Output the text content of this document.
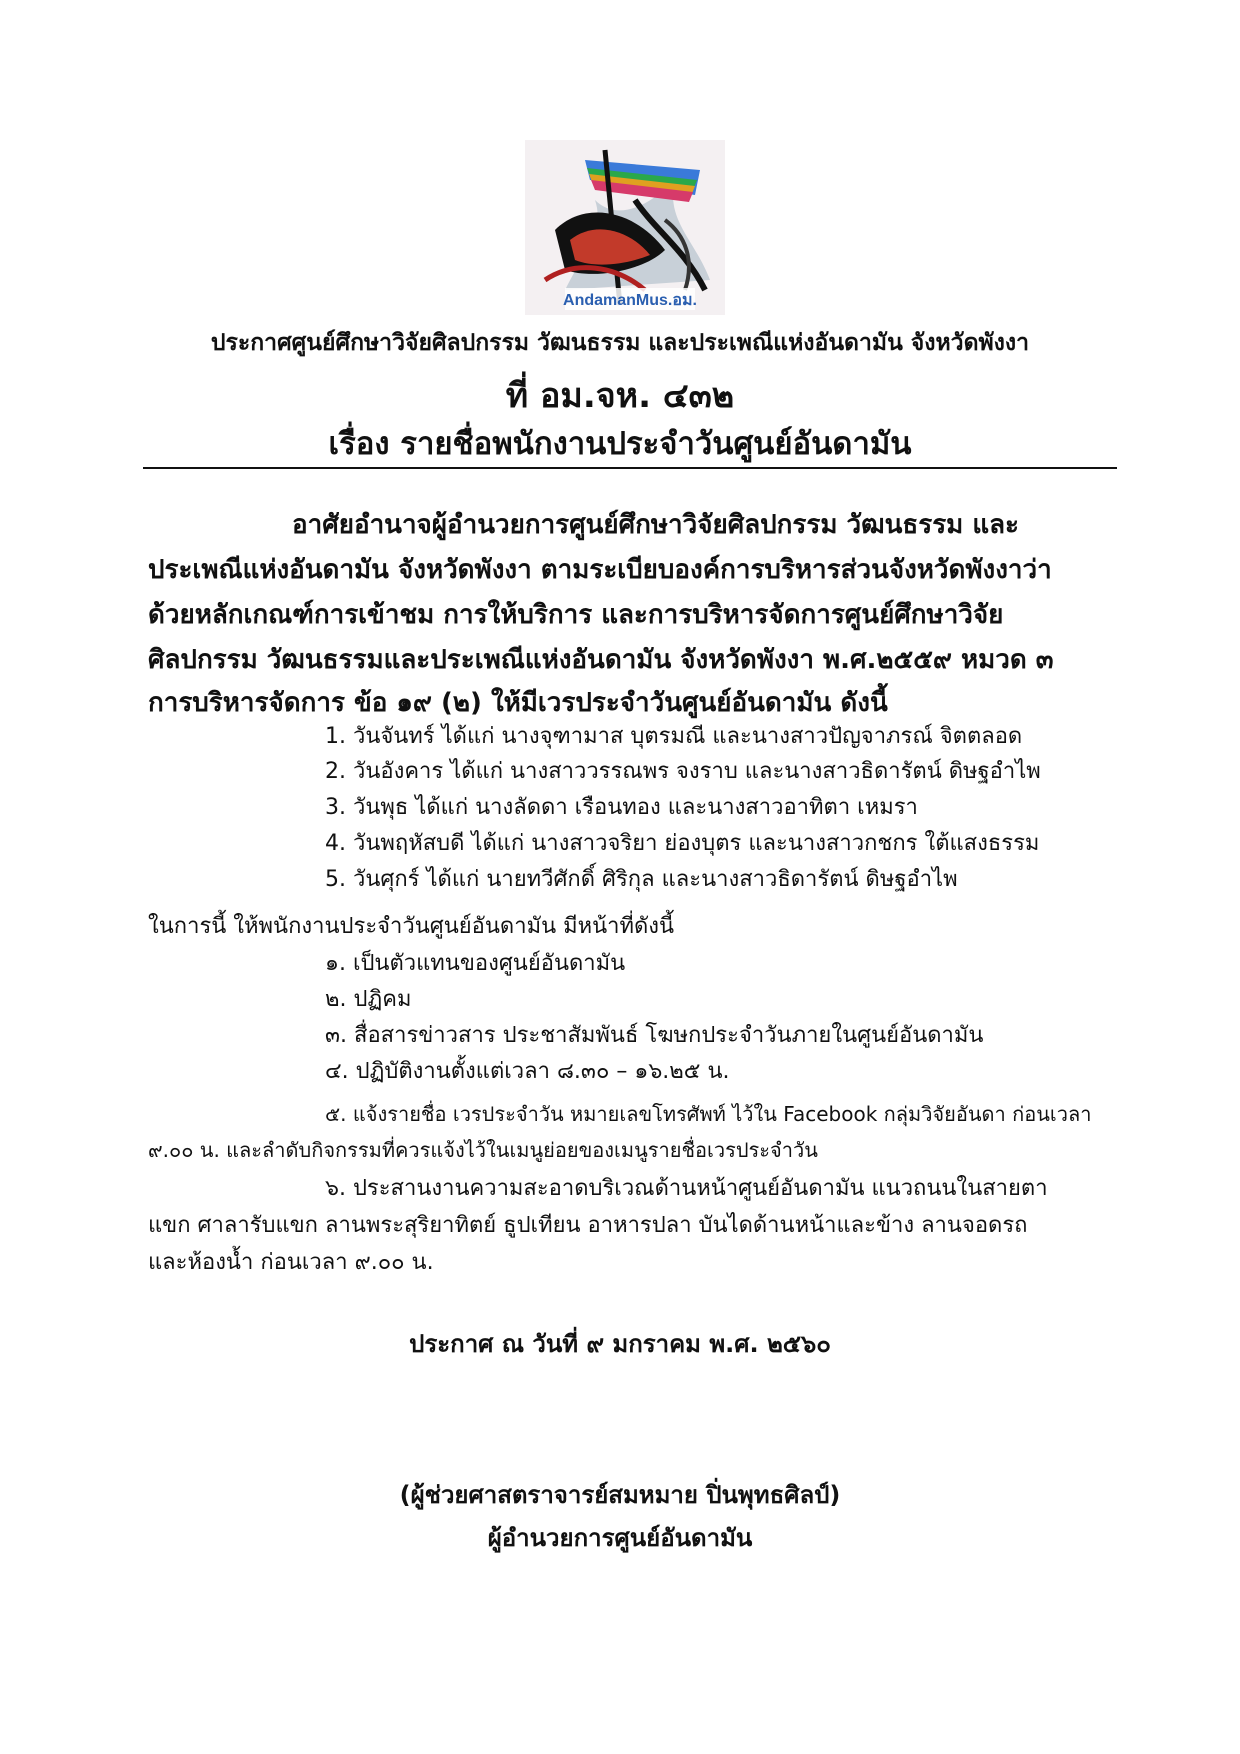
AndamanMus.อม.
ประกาศศูนย์ศึกษาวิจัยศิลปกรรม วัฒนธรรม และประเพณีแห่งอันดามัน จังหวัดพังงา
ที่ อม.จห. ๔๓๒
เรื่อง รายชื่อพนักงานประจำวันศูนย์อันดามัน
อาศัยอำนาจผู้อำนวยการศูนย์ศึกษาวิจัยศิลปกรรม วัฒนธรรม และ
ประเพณีแห่งอันดามัน จังหวัดพังงา ตามระเบียบองค์การบริหารส่วนจังหวัดพังงาว่า
ด้วยหลักเกณฑ์การเข้าชม การให้บริการ และการบริหารจัดการศูนย์ศึกษาวิจัย
ศิลปกรรม วัฒนธรรมและประเพณีแห่งอันดามัน จังหวัดพังงา พ.ศ.๒๕๕๙ หมวด ๓
การบริหารจัดการ ข้อ ๑๙ (๒) ให้มีเวรประจำวันศูนย์อันดามัน ดังนี้
1. วันจันทร์ ได้แก่ นางจุฑามาส บุตรมณี และนางสาวปัญจาภรณ์ จิตตลอด
2. วันอังคาร ได้แก่ นางสาววรรณพร จงราบ และนางสาวธิดารัตน์ ดิษฐอำไพ
3. วันพุธ ได้แก่ นางลัดดา เรือนทอง และนางสาวอาทิตา เหมรา
4. วันพฤหัสบดี ได้แก่ นางสาวจริยา ย่องบุตร และนางสาวกชกร ใต้แสงธรรม
5. วันศุกร์ ได้แก่ นายทวีศักดิ์ ศิริกุล และนางสาวธิดารัตน์ ดิษฐอำไพ
ในการนี้ ให้พนักงานประจำวันศูนย์อันดามัน มีหน้าที่ดังนี้
๑. เป็นตัวแทนของศูนย์อันดามัน
๒. ปฏิคม
๓. สื่อสารข่าวสาร ประชาสัมพันธ์ โฆษกประจำวันภายในศูนย์อันดามัน
๔. ปฏิบัติงานตั้งแต่เวลา ๘.๓๐ – ๑๖.๒๕ น.
๕. แจ้งรายชื่อ เวรประจำวัน หมายเลขโทรศัพท์ ไว้ใน Facebook กลุ่มวิจัยอันดา ก่อนเวลา
๙.๐๐ น. และลำดับกิจกรรมที่ควรแจ้งไว้ในเมนูย่อยของเมนูรายชื่อเวรประจำวัน
๖. ประสานงานความสะอาดบริเวณด้านหน้าศูนย์อันดามัน แนวถนนในสายตา
แขก ศาลารับแขก ลานพระสุริยาทิตย์ ธูปเทียน อาหารปลา บันไดด้านหน้าและข้าง ลานจอดรถ
และห้องน้ำ ก่อนเวลา ๙.๐๐ น.
ประกาศ ณ วันที่ ๙ มกราคม พ.ศ. ๒๕๖๐
(ผู้ช่วยศาสตราจารย์สมหมาย ปิ่นพุทธศิลป์)
ผู้อำนวยการศูนย์อันดามัน
